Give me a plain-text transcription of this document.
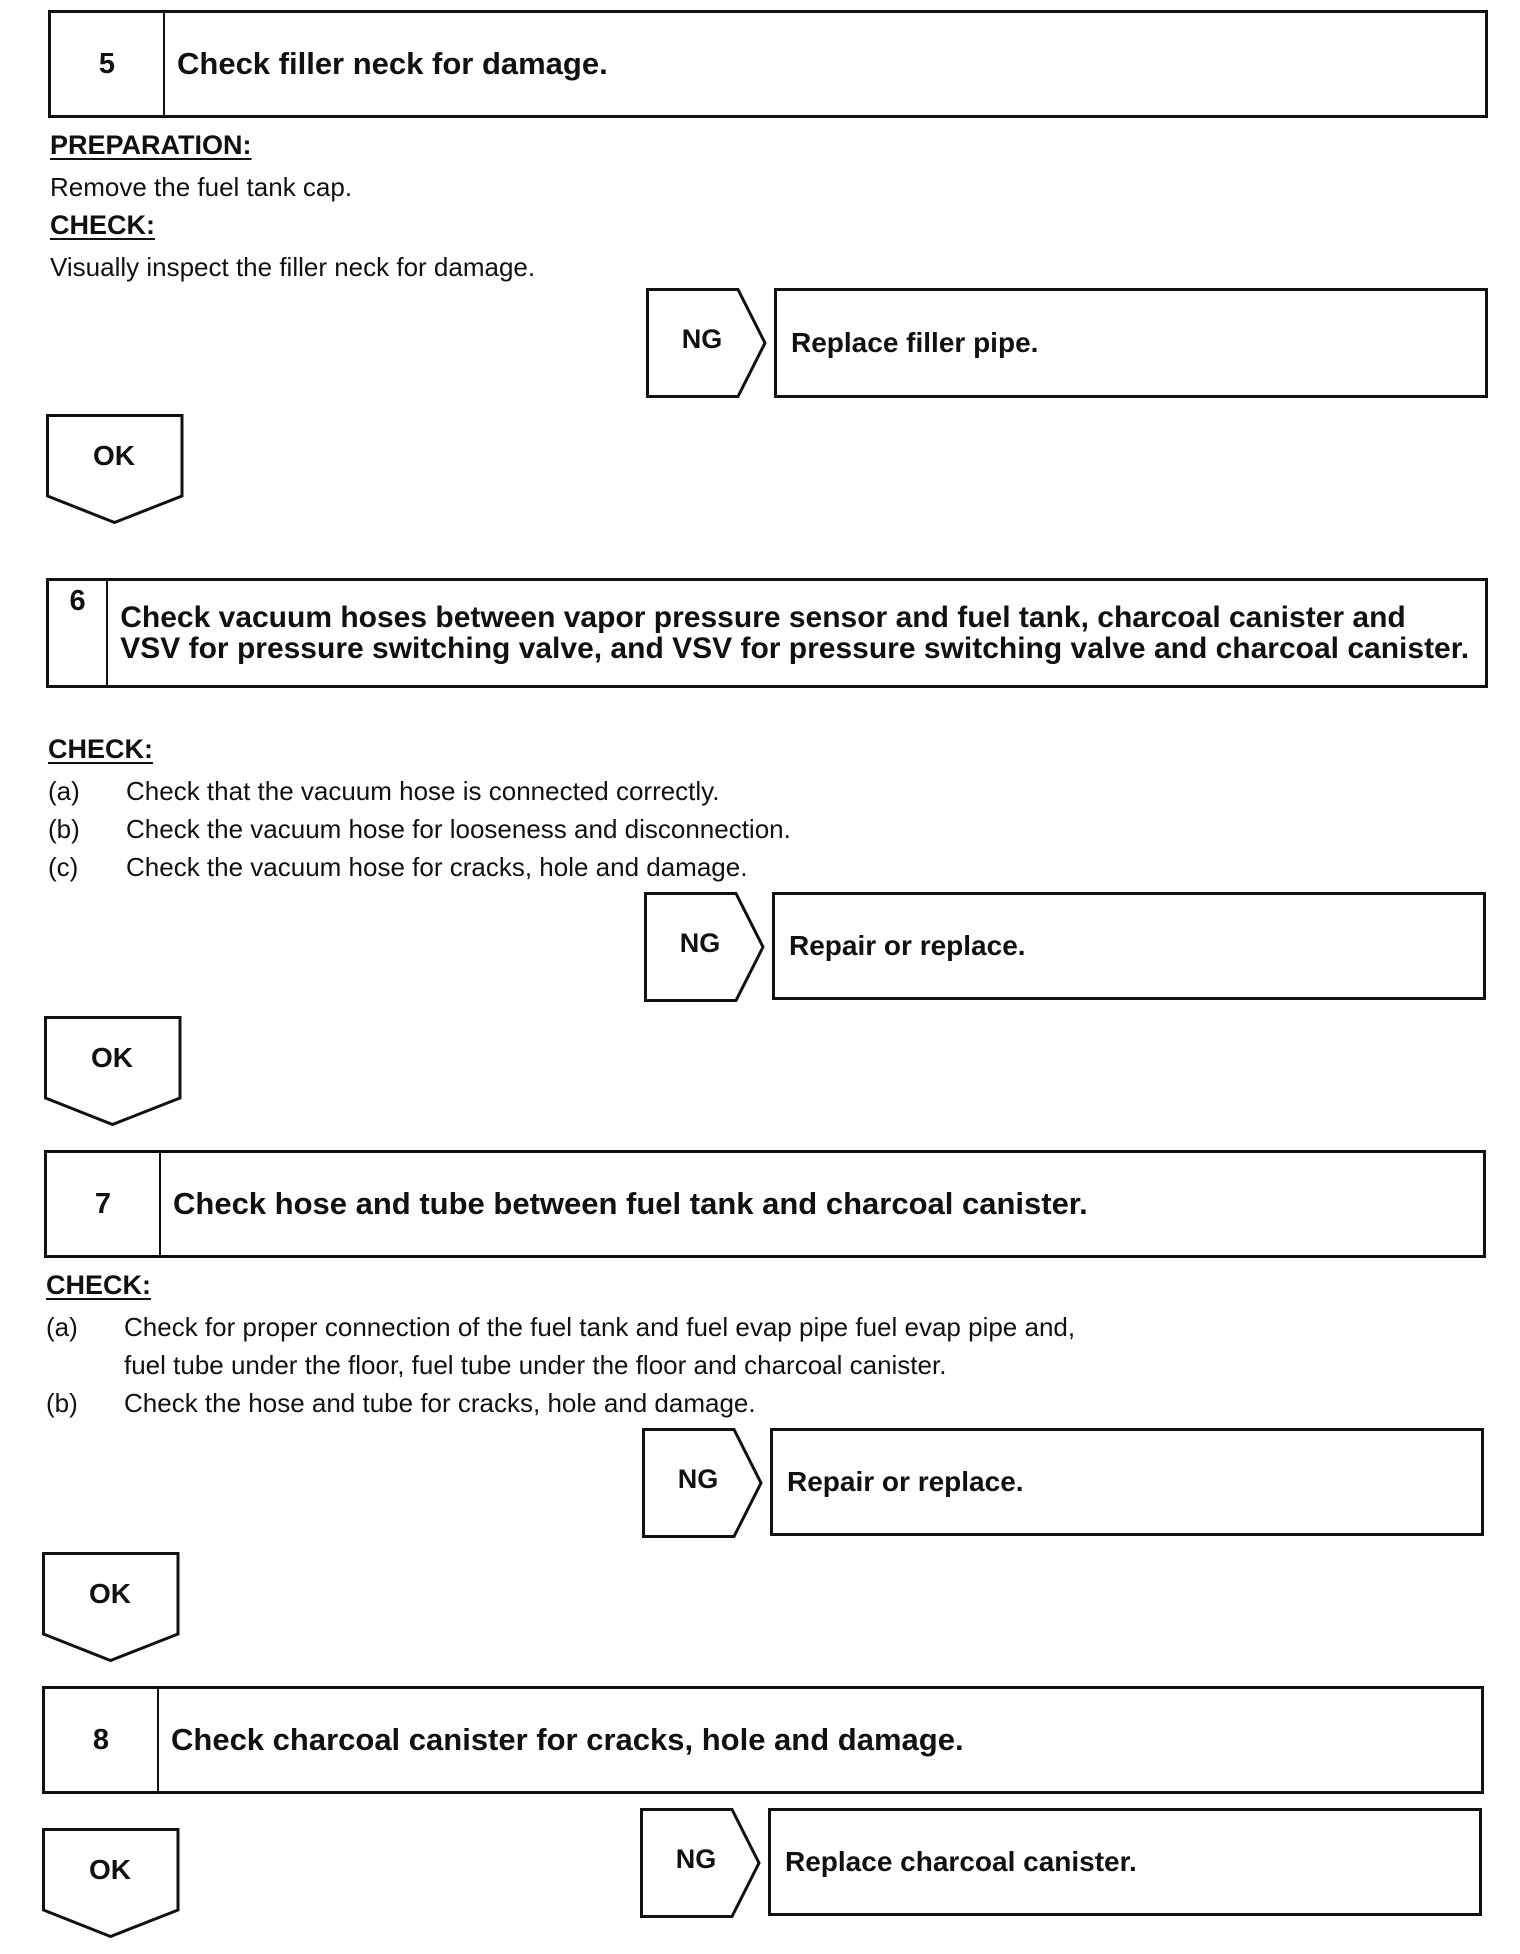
5	Check filler neck for damage.
PREPARATION:
Remove the fuel tank cap.
CHECK:
Visually inspect the filler neck for damage.
NG	Replace filler pipe.
OK
6	Check vacuum hoses between vapor pressure sensor and fuel tank, charcoal canister and VSV for pressure switching valve, and VSV for pressure switching valve and charcoal canister.
CHECK:
(a)	Check that the vacuum hose is connected correctly.
(b)	Check the vacuum hose for looseness and disconnection.
(c)	Check the vacuum hose for cracks, hole and damage.
NG	Repair or replace.
OK
7	Check hose and tube between fuel tank and charcoal canister.
CHECK:
(a)	Check for proper connection of the fuel tank and fuel evap pipe fuel evap pipe and,
fuel tube under the floor, fuel tube under the floor and charcoal canister.
(b)	Check the hose and tube for cracks, hole and damage.
NG	Repair or replace.
OK
8	Check charcoal canister for cracks, hole and damage.
NG	Replace charcoal canister.
OK
